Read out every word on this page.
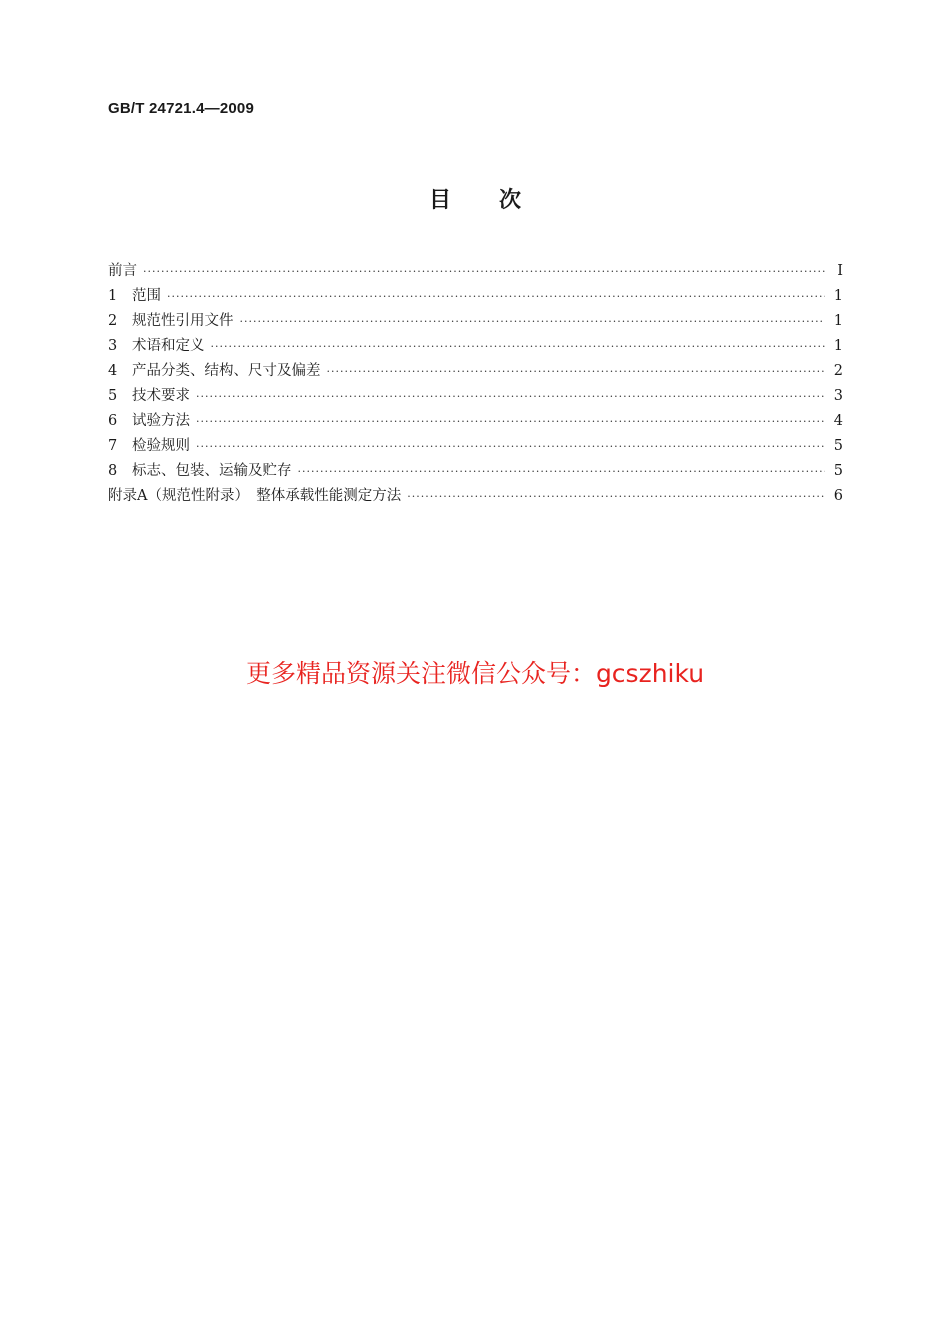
GB/T 24721.4—2009
目 次
前言 ·····	Ⅰ
1	范围 ·····	1
2	规范性引用文件 ·····	1
3	术语和定义 ·····	1
4	产品分类、结构、尺寸及偏差 ·····	2
5	技术要求 ·····	3
6	试验方法 ·····	4
7	检验规则 ·····	5
8	标志、包装、运输及贮存 ·····	5
附录A（规范性附录）　整体承载性能测定方法 ·····	6
更多精品资源关注微信公众号：gcszhiku
